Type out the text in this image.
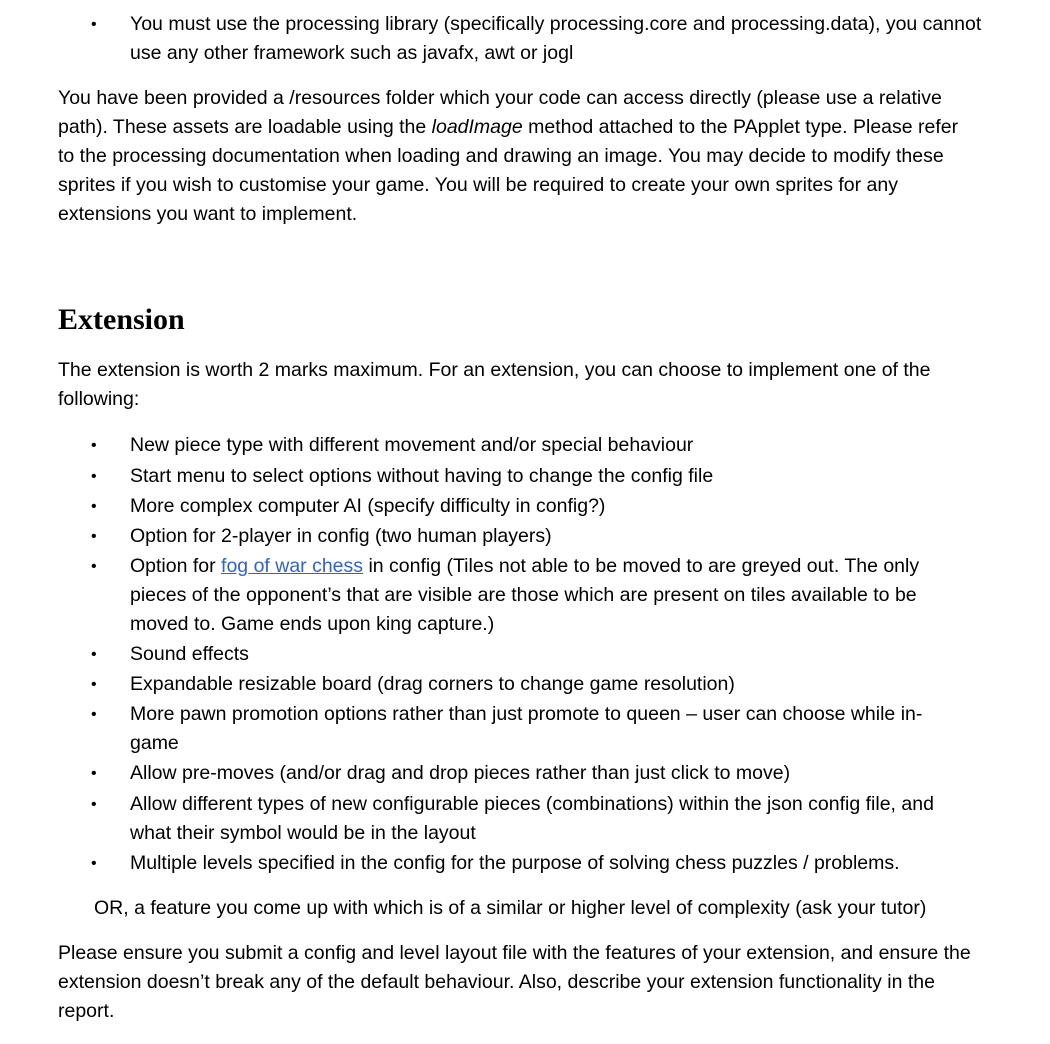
• You must use the processing library (specifically processing.core and processing.data), you cannot
use any other framework such as javafx, awt or jogl
You have been provided a /resources folder which your code can access directly (please use a relative
path). These assets are loadable using the loadImage method attached to the PApplet type. Please refer
to the processing documentation when loading and drawing an image. You may decide to modify these
sprites if you wish to customise your game. You will be required to create your own sprites for any
extensions you want to implement.
Extension
The extension is worth 2 marks maximum. For an extension, you can choose to implement one of the
following:
• New piece type with different movement and/or special behaviour
• Start menu to select options without having to change the config file
• More complex computer AI (specify difficulty in config?)
• Option for 2-player in config (two human players)
• Option for fog of war chess in config (Tiles not able to be moved to are greyed out. The only
pieces of the opponent’s that are visible are those which are present on tiles available to be
moved to. Game ends upon king capture.)
• Sound effects
• Expandable resizable board (drag corners to change game resolution)
• More pawn promotion options rather than just promote to queen – user can choose while in-
game
• Allow pre-moves (and/or drag and drop pieces rather than just click to move)
• Allow different types of new configurable pieces (combinations) within the json config file, and
what their symbol would be in the layout
• Multiple levels specified in the config for the purpose of solving chess puzzles / problems.
OR, a feature you come up with which is of a similar or higher level of complexity (ask your tutor)
Please ensure you submit a config and level layout file with the features of your extension, and ensure the
extension doesn’t break any of the default behaviour. Also, describe your extension functionality in the
report.
